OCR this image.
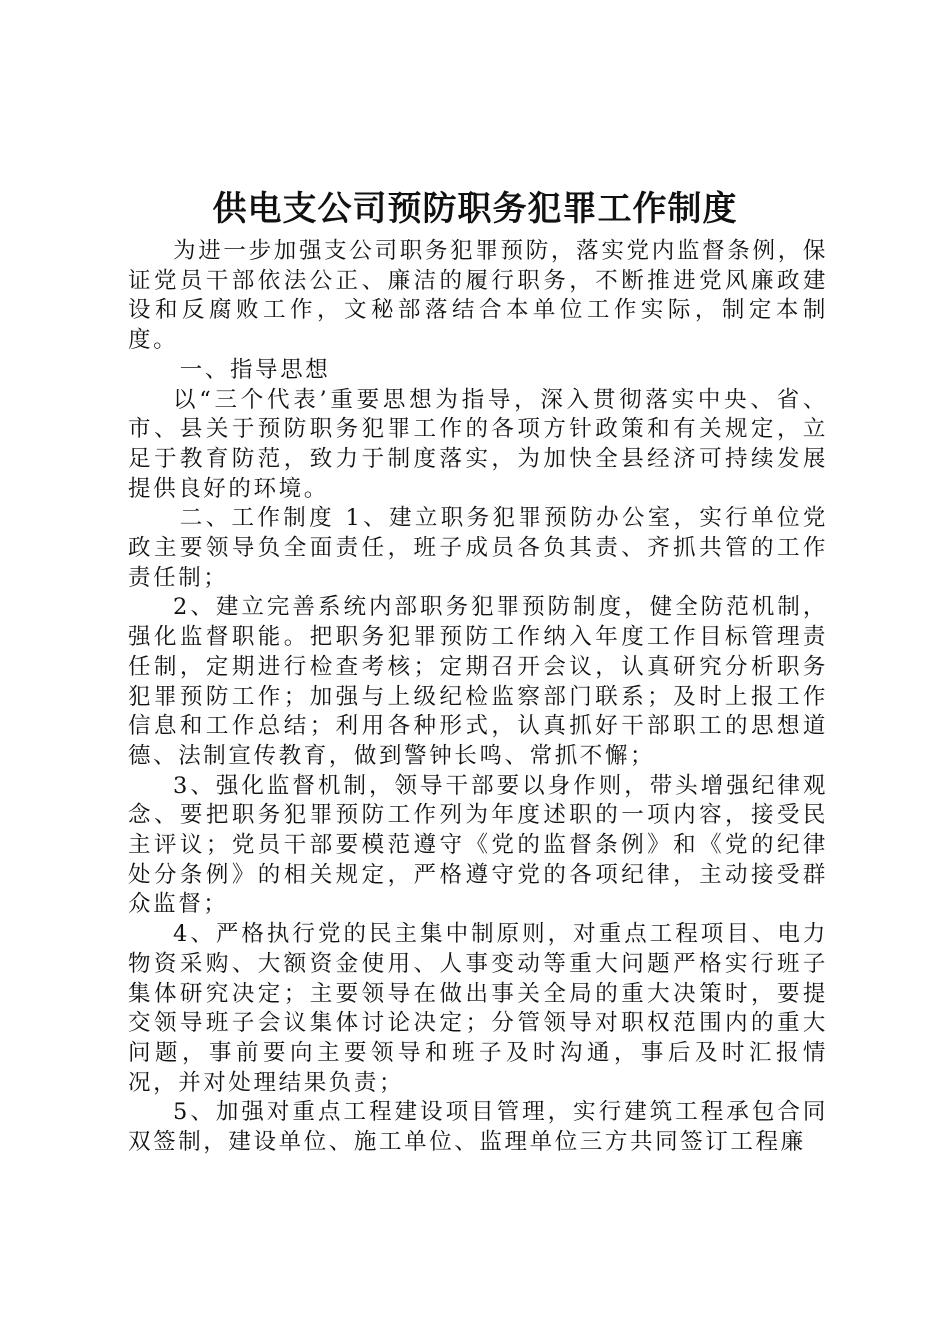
供电支公司预防职务犯罪工作制度

为进一步加强支公司职务犯罪预防，落实党内监督条例，保证党员干部依法公正、廉洁的履行职务，不断推进党风廉政建设和反腐败工作，文秘部落结合本单位工作实际，制定本制度。

一、指导思想

以“三个代表’重要思想为指导，深入贯彻落实中央、省、市、县关于预防职务犯罪工作的各项方针政策和有关规定，立足于教育防范，致力于制度落实，为加快全县经济可持续发展提供良好的环境。

二、工作制度 1、建立职务犯罪预防办公室，实行单位党政主要领导负全面责任，班子成员各负其责、齐抓共管的工作责任制；

2、建立完善系统内部职务犯罪预防制度，健全防范机制，强化监督职能。把职务犯罪预防工作纳入年度工作目标管理责任制，定期进行检查考核；定期召开会议，认真研究分析职务犯罪预防工作；加强与上级纪检监察部门联系；及时上报工作信息和工作总结；利用各种形式，认真抓好干部职工的思想道德、法制宣传教育，做到警钟长鸣、常抓不懈；

3、强化监督机制，领导干部要以身作则，带头增强纪律观念、要把职务犯罪预防工作列为年度述职的一项内容，接受民主评议；党员干部要模范遵守《党的监督条例》和《党的纪律处分条例》的相关规定，严格遵守党的各项纪律，主动接受群众监督；

4、严格执行党的民主集中制原则，对重点工程项目、电力物资采购、大额资金使用、人事变动等重大问题严格实行班子集体研究决定；主要领导在做出事关全局的重大决策时，要提交领导班子会议集体讨论决定；分管领导对职权范围内的重大问题，事前要向主要领导和班子及时沟通，事后及时汇报情况，并对处理结果负责；

5、加强对重点工程建设项目管理，实行建筑工程承包合同双签制，建设单位、施工单位、监理单位三方共同签订工程廉
